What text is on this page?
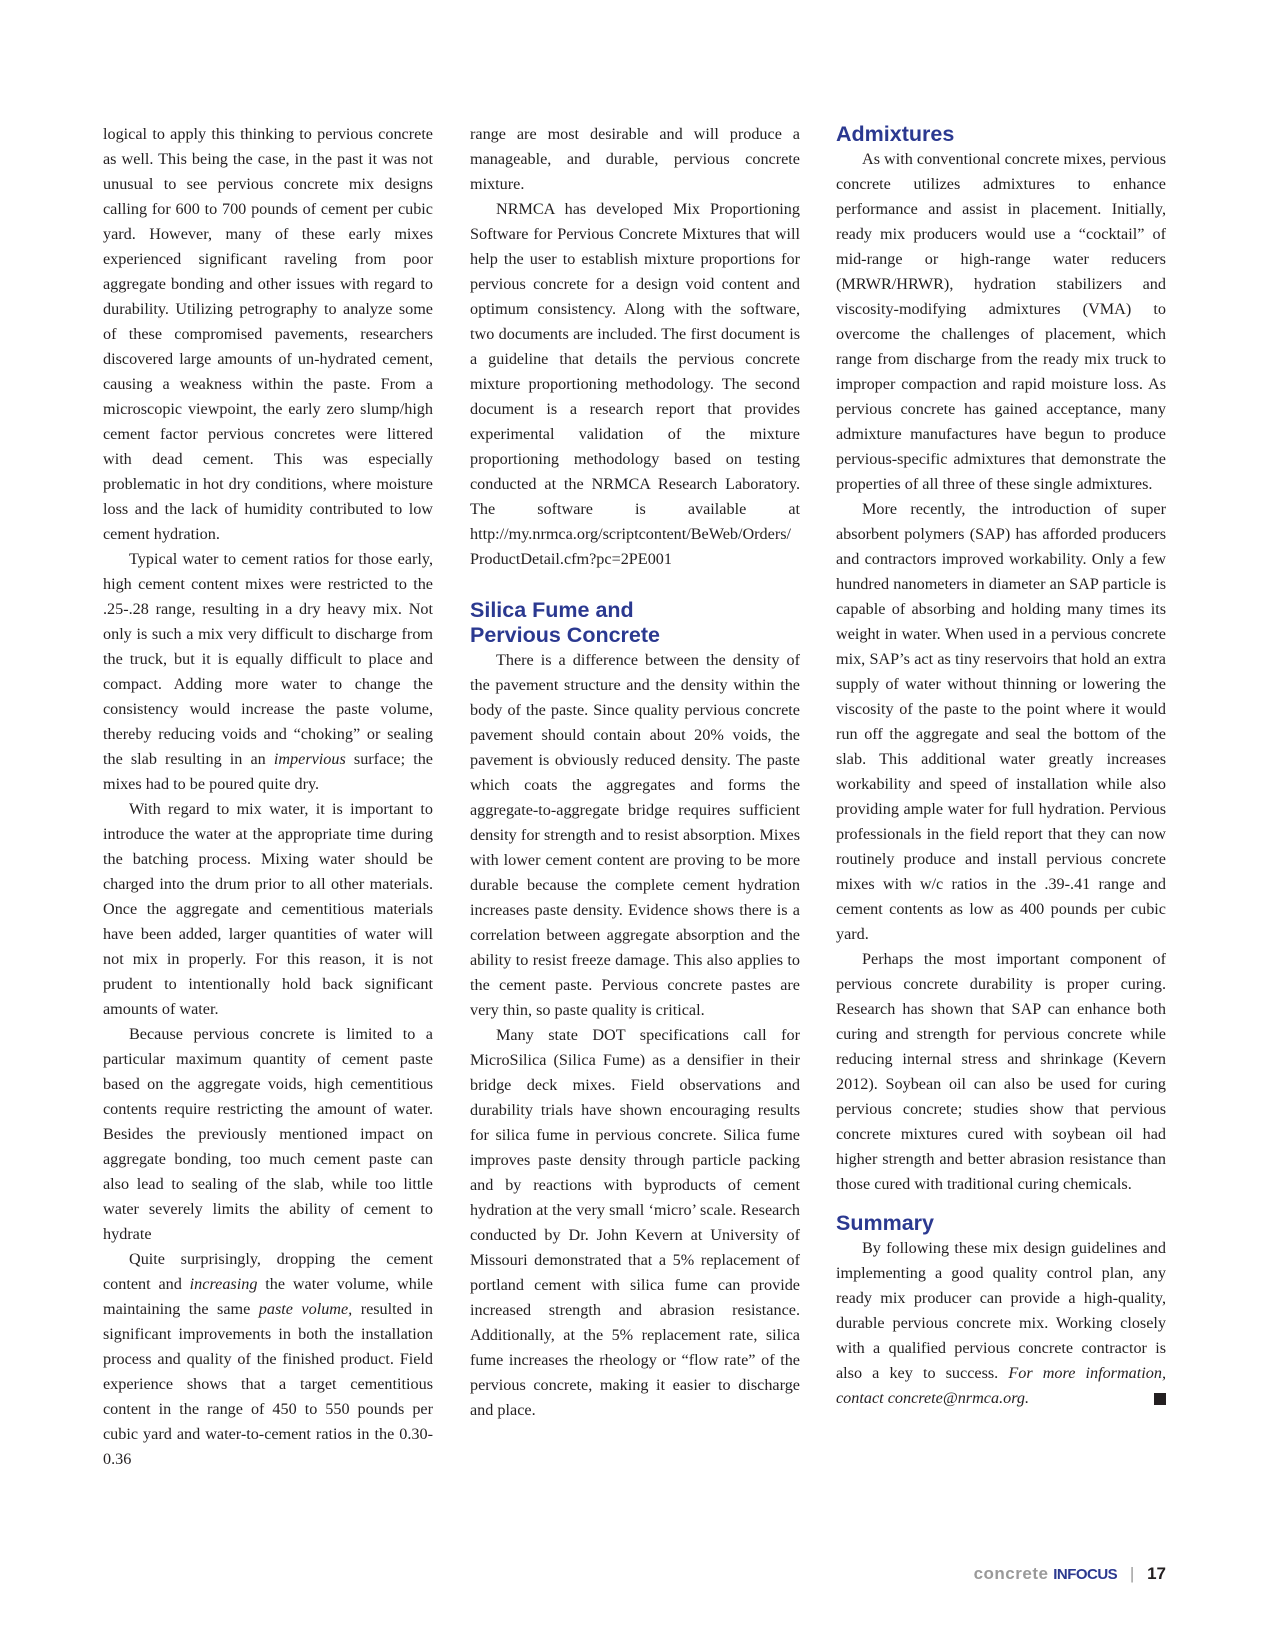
logical to apply this thinking to pervious concrete as well. This being the case, in the past it was not unusual to see pervious concrete mix designs calling for 600 to 700 pounds of cement per cubic yard. However, many of these early mixes experienced significant raveling from poor aggregate bonding and other issues with regard to durability. Utilizing petrography to analyze some of these compromised pavements, researchers discovered large amounts of un-hydrated cement, causing a weakness within the paste. From a microscopic viewpoint, the early zero slump/high cement factor pervious concretes were littered with dead cement. This was especially problematic in hot dry conditions, where moisture loss and the lack of humidity contributed to low cement hydration.

Typical water to cement ratios for those early, high cement content mixes were restricted to the .25-.28 range, resulting in a dry heavy mix. Not only is such a mix very difficult to discharge from the truck, but it is equally difficult to place and compact. Adding more water to change the consistency would increase the paste volume, thereby reducing voids and “choking” or sealing the slab resulting in an impervious surface; the mixes had to be poured quite dry.

With regard to mix water, it is important to introduce the water at the appropriate time during the batching process. Mixing water should be charged into the drum prior to all other materials. Once the aggregate and cementitious materials have been added, larger quantities of water will not mix in properly. For this reason, it is not prudent to intentionally hold back significant amounts of water.

Because pervious concrete is limited to a particular maximum quantity of cement paste based on the aggregate voids, high cementitious contents require restricting the amount of water. Besides the previously mentioned impact on aggregate bonding, too much cement paste can also lead to sealing of the slab, while too little water severely limits the ability of cement to hydrate

Quite surprisingly, dropping the cement content and increasing the water volume, while maintaining the same paste volume, resulted in significant improvements in both the installation process and quality of the finished product. Field experience shows that a target cementitious content in the range of 450 to 550 pounds per cubic yard and water-to-cement ratios in the 0.30-0.36

range are most desirable and will produce a manageable, and durable, pervious concrete mixture.

NRMCA has developed Mix Proportioning Software for Pervious Concrete Mixtures that will help the user to establish mixture proportions for pervious concrete for a design void content and optimum consistency. Along with the software, two documents are included. The first document is a guideline that details the pervious concrete mixture proportioning methodology. The second document is a research report that provides experimental validation of the mixture proportioning methodology based on testing conducted at the NRMCA Research Laboratory. The software is available at http://my.nrmca.org/scriptcontent/BeWeb/Orders/ProductDetail.cfm?pc=2PE001

Silica Fume and
Pervious Concrete

There is a difference between the density of the pavement structure and the density within the body of the paste. Since quality pervious concrete pavement should contain about 20% voids, the pavement is obviously reduced density. The paste which coats the aggregates and forms the aggregate-to-aggregate bridge requires sufficient density for strength and to resist absorption. Mixes with lower cement content are proving to be more durable because the complete cement hydration increases paste density. Evidence shows there is a correlation between aggregate absorption and the ability to resist freeze damage. This also applies to the cement paste. Pervious concrete pastes are very thin, so paste quality is critical.

Many state DOT specifications call for MicroSilica (Silica Fume) as a densifier in their bridge deck mixes. Field observations and durability trials have shown encouraging results for silica fume in pervious concrete. Silica fume improves paste density through particle packing and by reactions with byproducts of cement hydration at the very small ‘micro’ scale. Research conducted by Dr. John Kevern at University of Missouri demonstrated that a 5% replacement of portland cement with silica fume can provide increased strength and abrasion resistance. Additionally, at the 5% replacement rate, silica fume increases the rheology or “flow rate” of the pervious concrete, making it easier to discharge and place.

Admixtures

As with conventional concrete mixes, pervious concrete utilizes admixtures to enhance performance and assist in placement. Initially, ready mix producers would use a “cocktail” of mid-range or high-range water reducers (MRWR/HRWR), hydration stabilizers and viscosity-modifying admixtures (VMA) to overcome the challenges of placement, which range from discharge from the ready mix truck to improper compaction and rapid moisture loss. As pervious concrete has gained acceptance, many admixture manufactures have begun to produce pervious-specific admixtures that demonstrate the properties of all three of these single admixtures.

More recently, the introduction of super absorbent polymers (SAP) has afforded producers and contractors improved workability. Only a few hundred nanometers in diameter an SAP particle is capable of absorbing and holding many times its weight in water. When used in a pervious concrete mix, SAP’s act as tiny reservoirs that hold an extra supply of water without thinning or lowering the viscosity of the paste to the point where it would run off the aggregate and seal the bottom of the slab. This additional water greatly increases workability and speed of installation while also providing ample water for full hydration. Pervious professionals in the field report that they can now routinely produce and install pervious concrete mixes with w/c ratios in the .39-.41 range and cement contents as low as 400 pounds per cubic yard.

Perhaps the most important component of pervious concrete durability is proper curing. Research has shown that SAP can enhance both curing and strength for pervious concrete while reducing internal stress and shrinkage (Kevern 2012). Soybean oil can also be used for curing pervious concrete; studies show that pervious concrete mixtures cured with soybean oil had higher strength and better abrasion resistance than those cured with traditional curing chemicals.

Summary

By following these mix design guidelines and implementing a good quality control plan, any ready mix producer can provide a high-quality, durable pervious concrete mix. Working closely with a qualified pervious concrete contractor is also a key to success. For more information, contact concrete@nrmca.org.

concrete INFOCUS | 17
